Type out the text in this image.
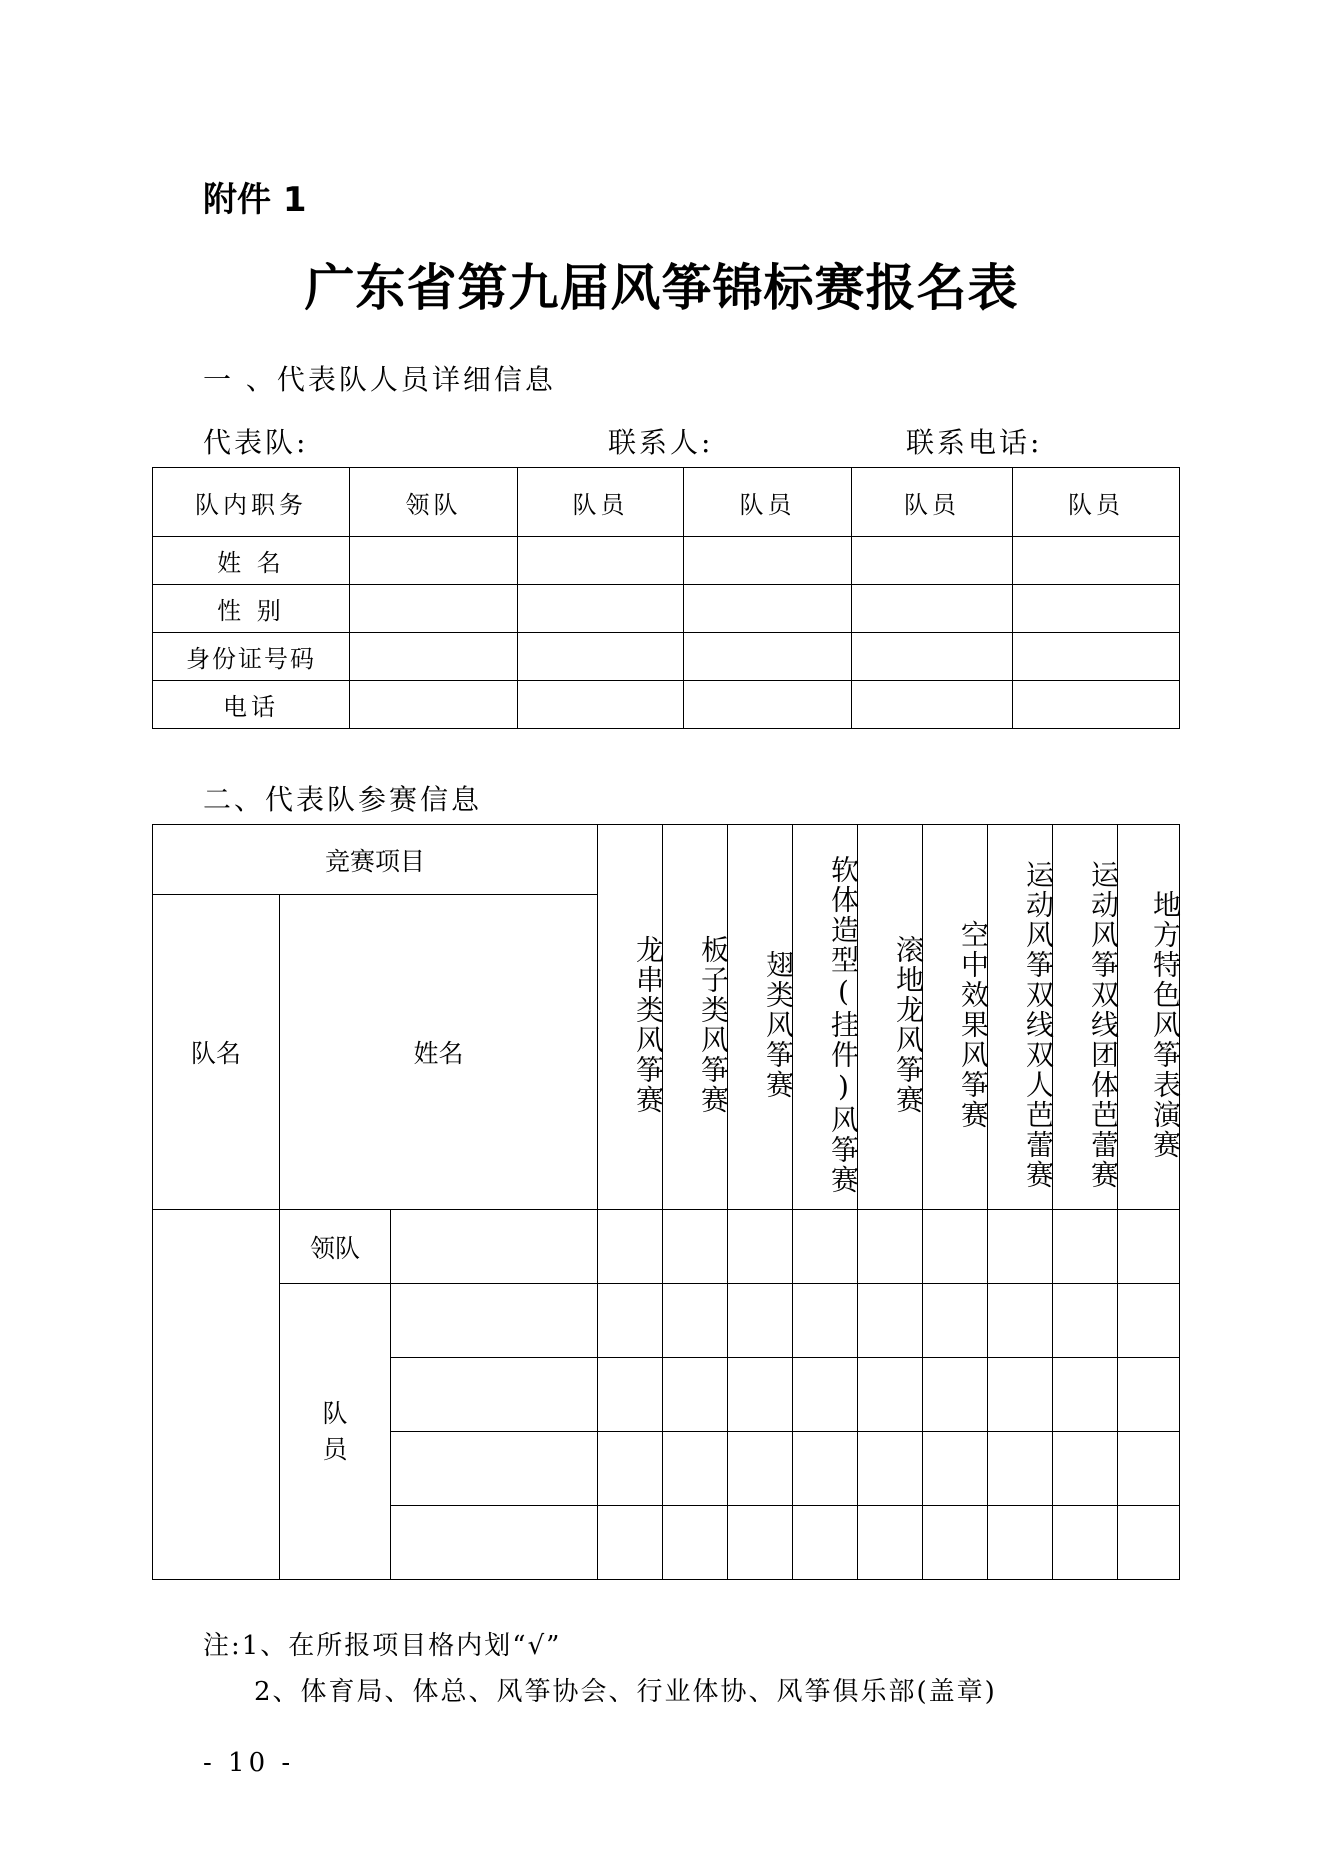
附件 1
广东省第九届风筝锦标赛报名表
一 、代表队人员详细信息
代表队:	联系人:	联系电话:
队内职务	领队	队员	队员	队员	队员
姓 名					
性 别					
身份证号码					
电话					
二、代表队参赛信息
竞赛项目			龙串类风筝赛	板子类风筝赛	翅类风筝赛	软体造型(挂件)风筝赛	滚地龙风筝赛	空中效果风筝赛	运动风筝双线双人芭蕾赛	运动风筝双线团体芭蕾赛	地方特色风筝表演赛
队名	姓名										
	领队										

	队
员										

注:1、在所报项目格内划“√”
2、体育局、体总、风筝协会、行业体协、风筝俱乐部(盖章)
- 10 -
